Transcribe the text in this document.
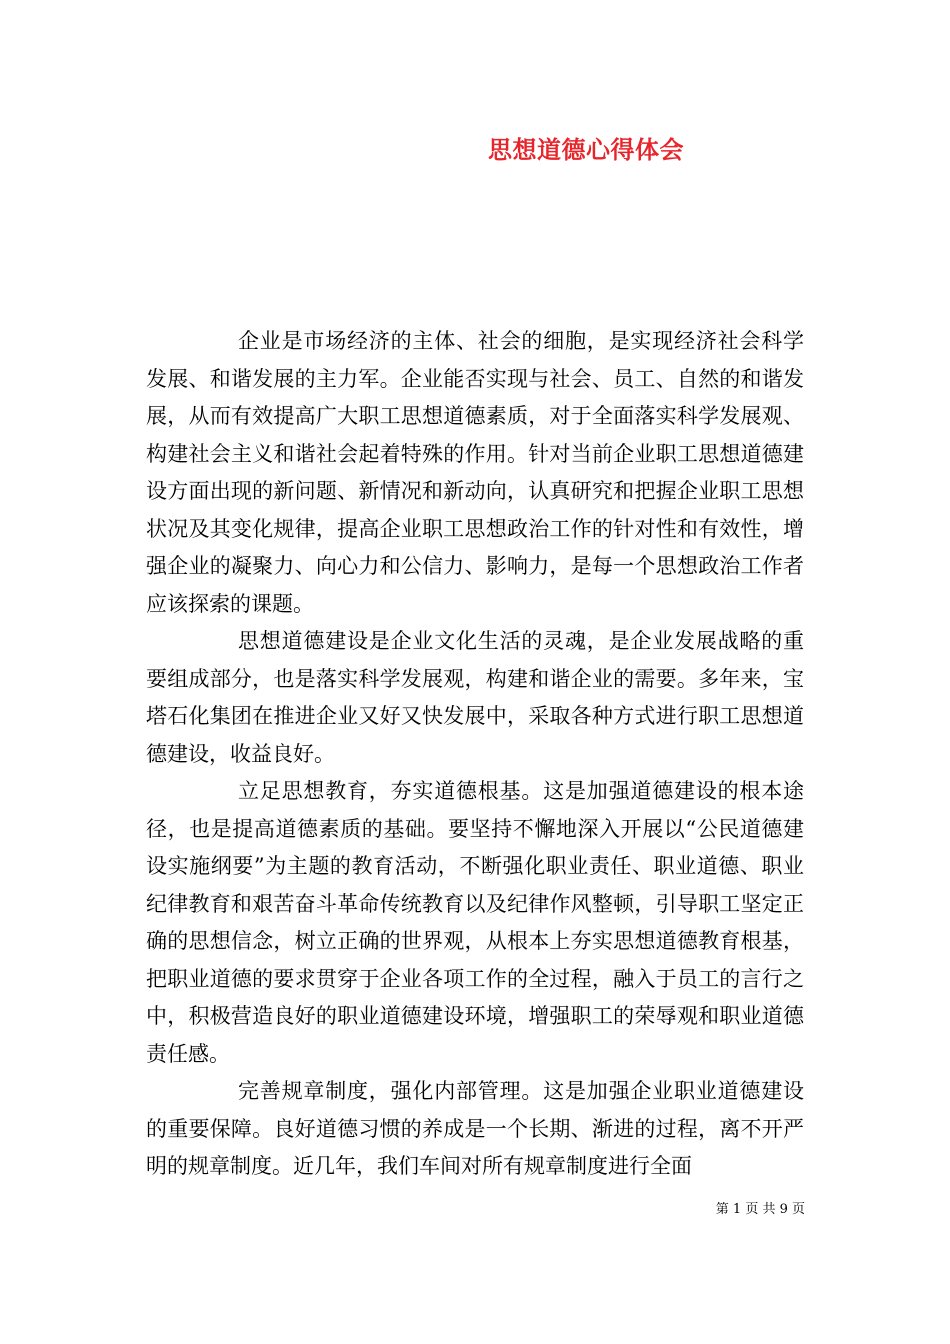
思想道德心得体会

企业是市场经济的主体、社会的细胞，是实现经济社会科学发展、和谐发展的主力军。企业能否实现与社会、员工、自然的和谐发展，从而有效提高广大职工思想道德素质，对于全面落实科学发展观、构建社会主义和谐社会起着特殊的作用。针对当前企业职工思想道德建设方面出现的新问题、新情况和新动向，认真研究和把握企业职工思想状况及其变化规律，提高企业职工思想政治工作的针对性和有效性，增强企业的凝聚力、向心力和公信力、影响力，是每一个思想政治工作者应该探索的课题。

思想道德建设是企业文化生活的灵魂，是企业发展战略的重要组成部分，也是落实科学发展观，构建和谐企业的需要。多年来，宝塔石化集团在推进企业又好又快发展中，采取各种方式进行职工思想道德建设，收益良好。

立足思想教育，夯实道德根基。这是加强道德建设的根本途径，也是提高道德素质的基础。要坚持不懈地深入开展以“公民道德建设实施纲要”为主题的教育活动，不断强化职业责任、职业道德、职业纪律教育和艰苦奋斗革命传统教育以及纪律作风整顿，引导职工坚定正确的思想信念，树立正确的世界观，从根本上夯实思想道德教育根基，把职业道德的要求贯穿于企业各项工作的全过程，融入于员工的言行之中，积极营造良好的职业道德建设环境，增强职工的荣辱观和职业道德责任感。

完善规章制度，强化内部管理。这是加强企业职业道德建设的重要保障。良好道德习惯的养成是一个长期、渐进的过程，离不开严明的规章制度。近几年，我们车间对所有规章制度进行全面

第 1 页 共 9 页
